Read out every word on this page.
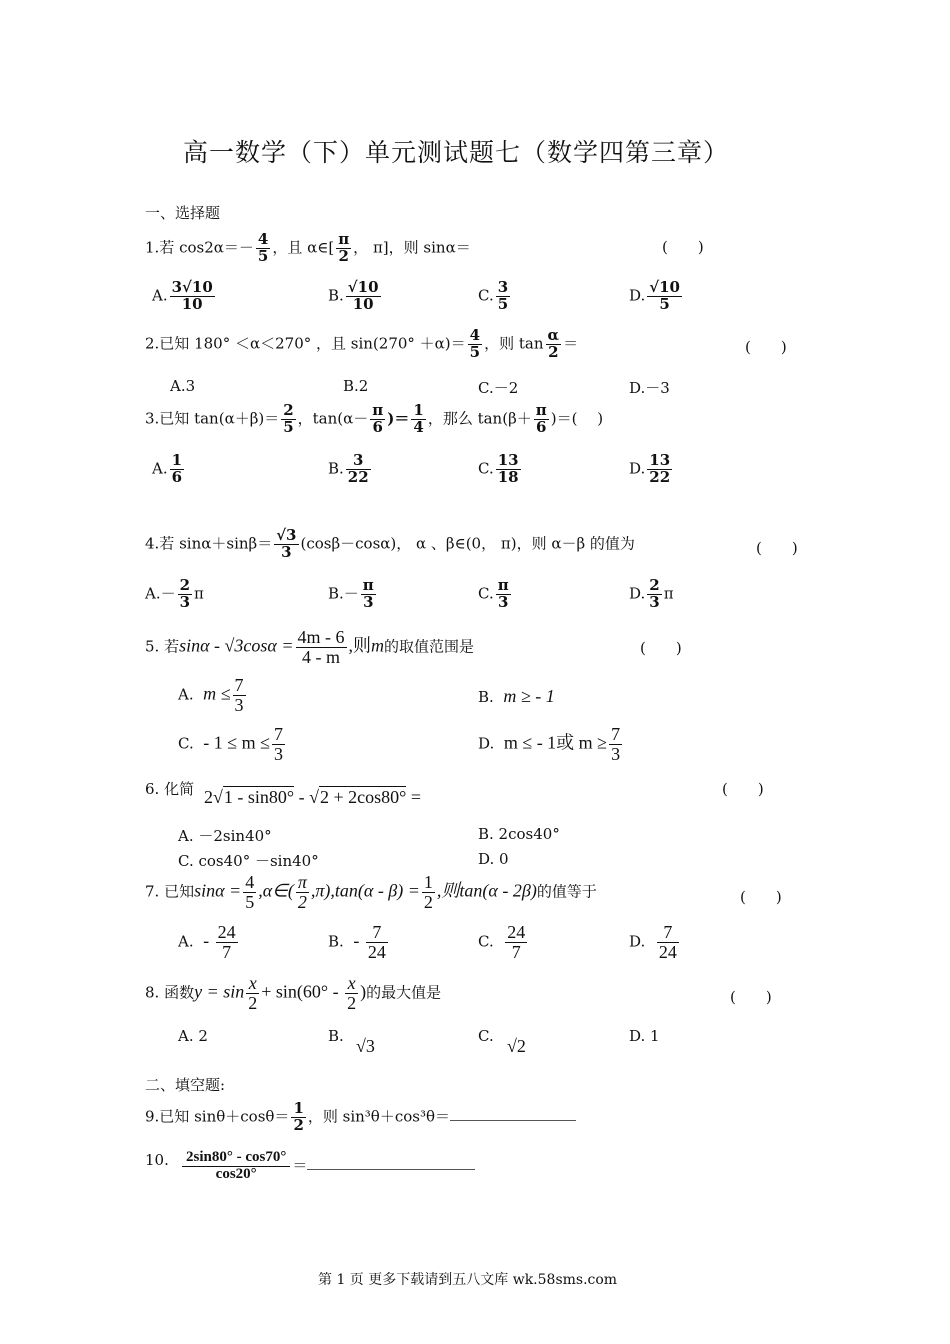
高一数学（下）单元测试题七（数学四第三章）
一、选择题
1.若 $\cos 2\alpha=- \frac{4}{5}$ ，且 α∈[ $\frac{\pi}{2}$ ， π]，则 sinα＝	(　　)
A. $\frac{3√10}{10}$	B. $\frac{√10}{10}$	C. $\frac{3}{5}$	D. $\frac{√10}{5}$
2.已知 180° ＜α＜270° ，且 $\sin(270^\circ +\alpha)= \frac{4}{5}$ ，则 $\tan \frac{\alpha}{2}$ ＝	(　　)
A.3	B.2	C.－2	D.－3
3.已知 $\tan(\alpha+\beta)= \frac{2}{5}$ ，$\tan(\alpha- \frac{\pi}{6}$ )＝ $\frac{1}{4}$ ，那么 $\tan(\beta+ \frac{\pi}{6}$ )＝(　 )
A. $\frac{1}{6}$	B. $\frac{3}{22}$	C. $\frac{13}{18}$	D. $\frac{13}{22}$
4.若 $\sin\alpha+\sin\beta= \frac{√3}{3} (\cos\beta-\cos\alpha)$， α 、β∈(0， π)，则 α－β 的值为	(　　)
$A.- \frac{2}{3}$ π	$B.- \frac{\pi}{3}$	C. $\frac{\pi}{3}$	D. $\frac{2}{3}$ π
5. 若$\sin\alpha - √3\cos\alpha = \frac{4m - 6}{4 - m}$ ,则m的取值范围是	(　　)
A. $m \le \frac{7}{3}$	B. m ≥ - 1
C. - $1 \le m \le \frac{7}{3}$	D. m ≤ - 1或 $m \ge \frac{7}{3}$
6. 化简 2√1 - sin80° - √2 + 2cos80° =	(　　)
A. －2sin40°	B. 2cos40°
C. cos40° －sin40°	D. 0
7. 已知$\sin\alpha = \frac{4}{5}$ ,α∈( $\frac{\pi}{2} ,\pi),\tan(\alpha - \beta) = \frac{1}{2}$ ,则tan(α - 2β)的值等于	(　　)
A. - $\frac{24}{7}$	B. - $\frac{7}{24}$	C. $\frac{24}{7}$	D. $\frac{7}{24}$
8. 函数$y = \sin \frac{x}{2} + \sin(60^\circ - \frac{x}{2}$ )的最大值是	(　　)
A. 2	B. √3	C. √2	D. 1
二、填空题:
9.已知 $\sin\theta+\cos\theta= \frac{1}{2}$ ，则 sin³θ＋cos³θ＝
10. $\frac{2\sin 80^\circ - \cos 70^\circ}{\cos 20^\circ}$ ＝
第 1 页 更多下载请到五八文库 wk.58sms.com
